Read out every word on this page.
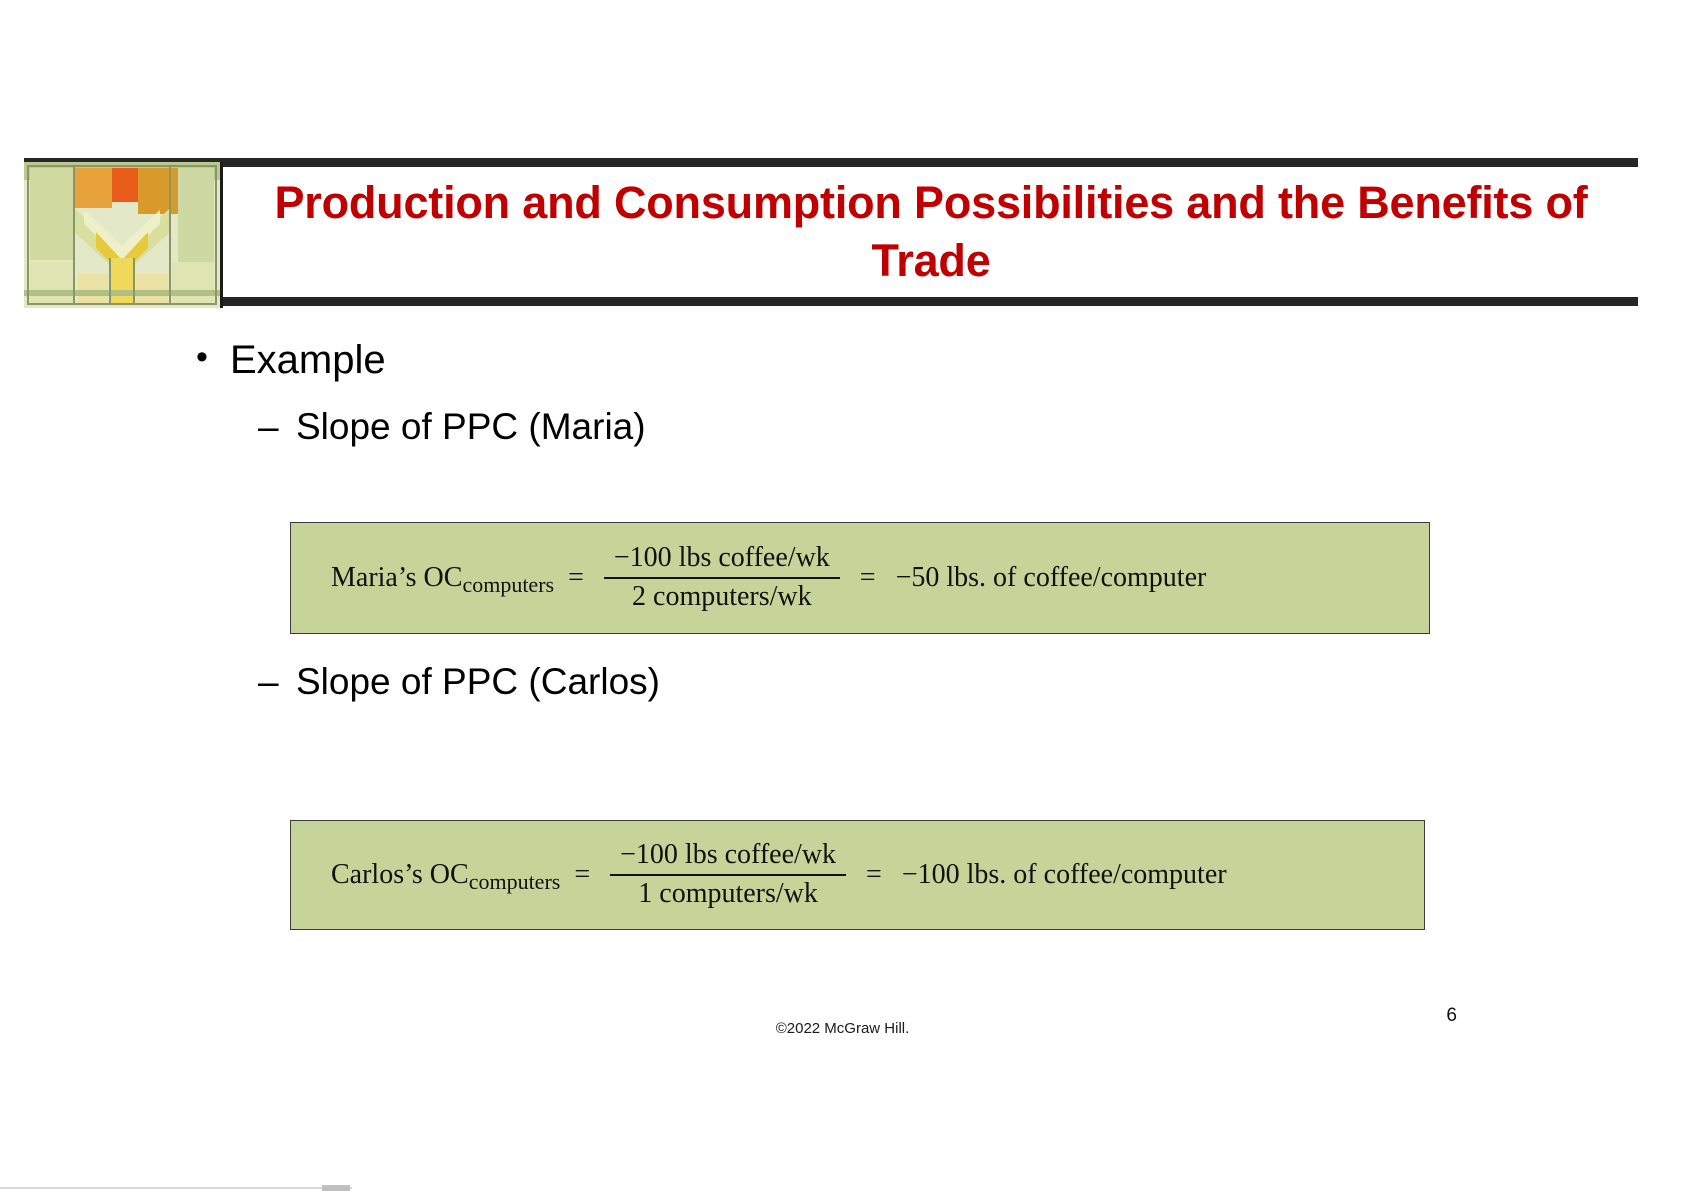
Production and Consumption Possibilities and the Benefits of Trade
• Example
– Slope of PPC (Maria)
Maria’s OC computers = $\frac{\text{−100 lbs coffee/wk}}{\text{2 computers/wk}} = -50$ lbs. of coffee/computer
– Slope of PPC (Carlos)
Carlos’s OC computers = $\frac{\text{−100 lbs coffee/wk}}{\text{1 computers/wk}} = -100$ lbs. of coffee/computer
©2022 McGraw Hill.
6
